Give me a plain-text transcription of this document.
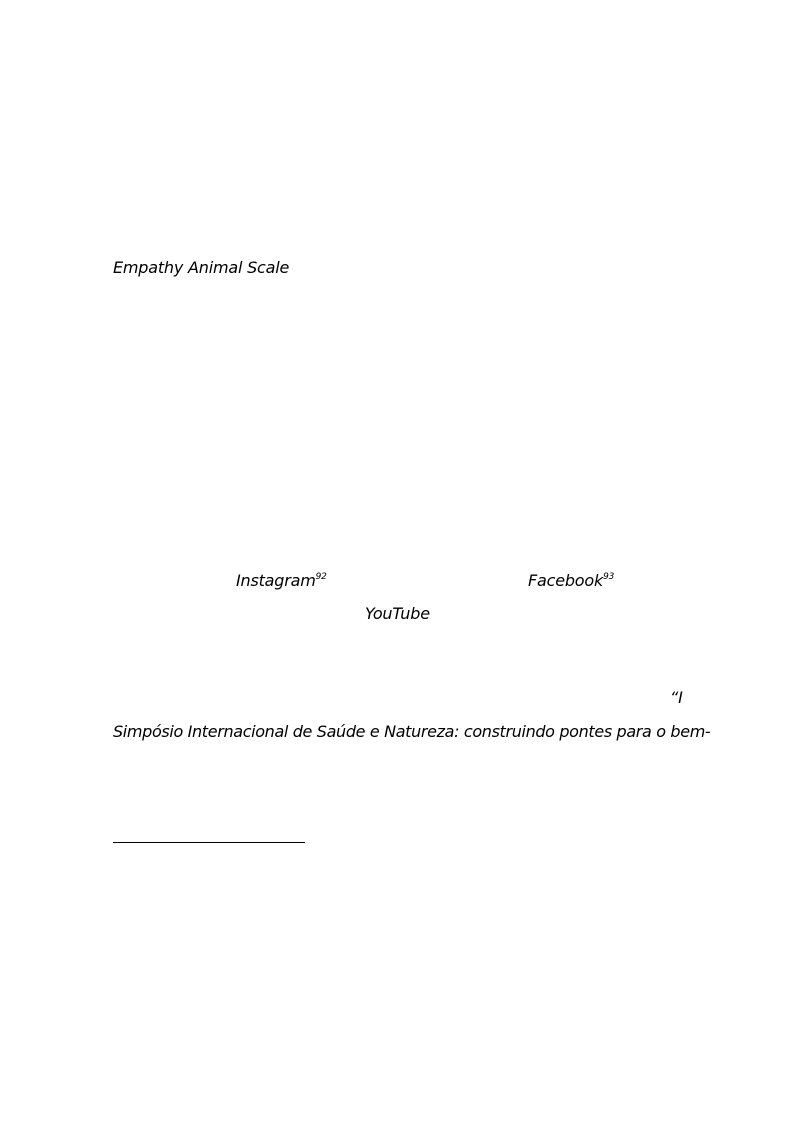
Empathy Animal Scale
Instagram$^{92}$	Facebook$^{93}$
YouTube
“I
Simpósio Internacional de Saúde e Natureza: construindo pontes para o bem-
